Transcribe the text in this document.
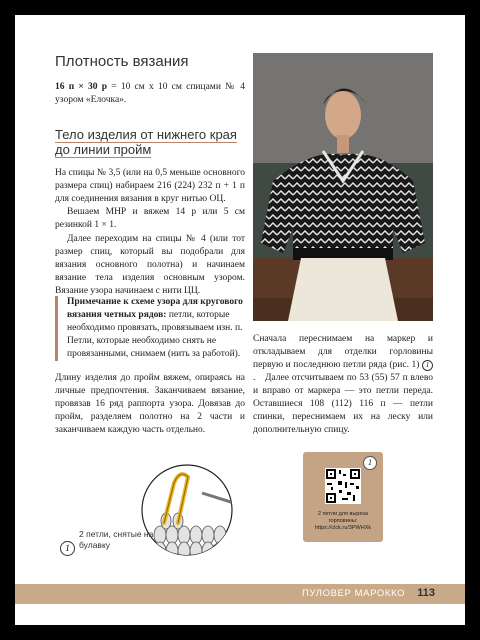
Плотность вязания

16 п × 30 р = 10 см х 10 см спицами № 4 узором «Елочка».

Тело изделия от нижнего края до линии пройм

На спицы № 3,5 (или на 0,5 меньше основного размера спиц) набираем 216 (224) 232 п + 1 п для соединения вязания в круг нитью ОЦ.

Вешаем МНР и вяжем 14 р или 5 см резинкой 1 × 1.

Далее переходим на спицы № 4 (или тот размер спиц, который вы подобрали для вязания основного полотна) и начинаем вязание тела изделия основным узором. Вязание узора начинаем с нити ЦЦ.

Примечание к схеме узора для кругового вязания четных рядов: петли, которые необходимо провязать, провязываем изн. п. Петли, которые необходимо снять не провязанными, снимаем (нить за работой).

Длину изделия до пройм вяжем, опираясь на личные предпочтения. Заканчиваем вязание, провязав 16 ряд раппорта узора. Довязав до пройм, разделяем полотно на 2 части и заканчиваем каждую часть отдельно.

Сначала переснимаем на маркер и откладываем для отделки горловины первую и последнюю петли ряда (рис. 1) 1.	Далее отсчитываем по 53 (55) 57 п влево и вправо от маркера — это петли переда. Оставшиеся 108 (112) 116 п — петли спинки, переснимаем их на леску или дополнительную спицу.

1
2 петли для выреза горловины: https://clck.ru/3PWHXk
1
2 петли, снятые на булавку
ПУЛОВЕР МАРОККО 113
